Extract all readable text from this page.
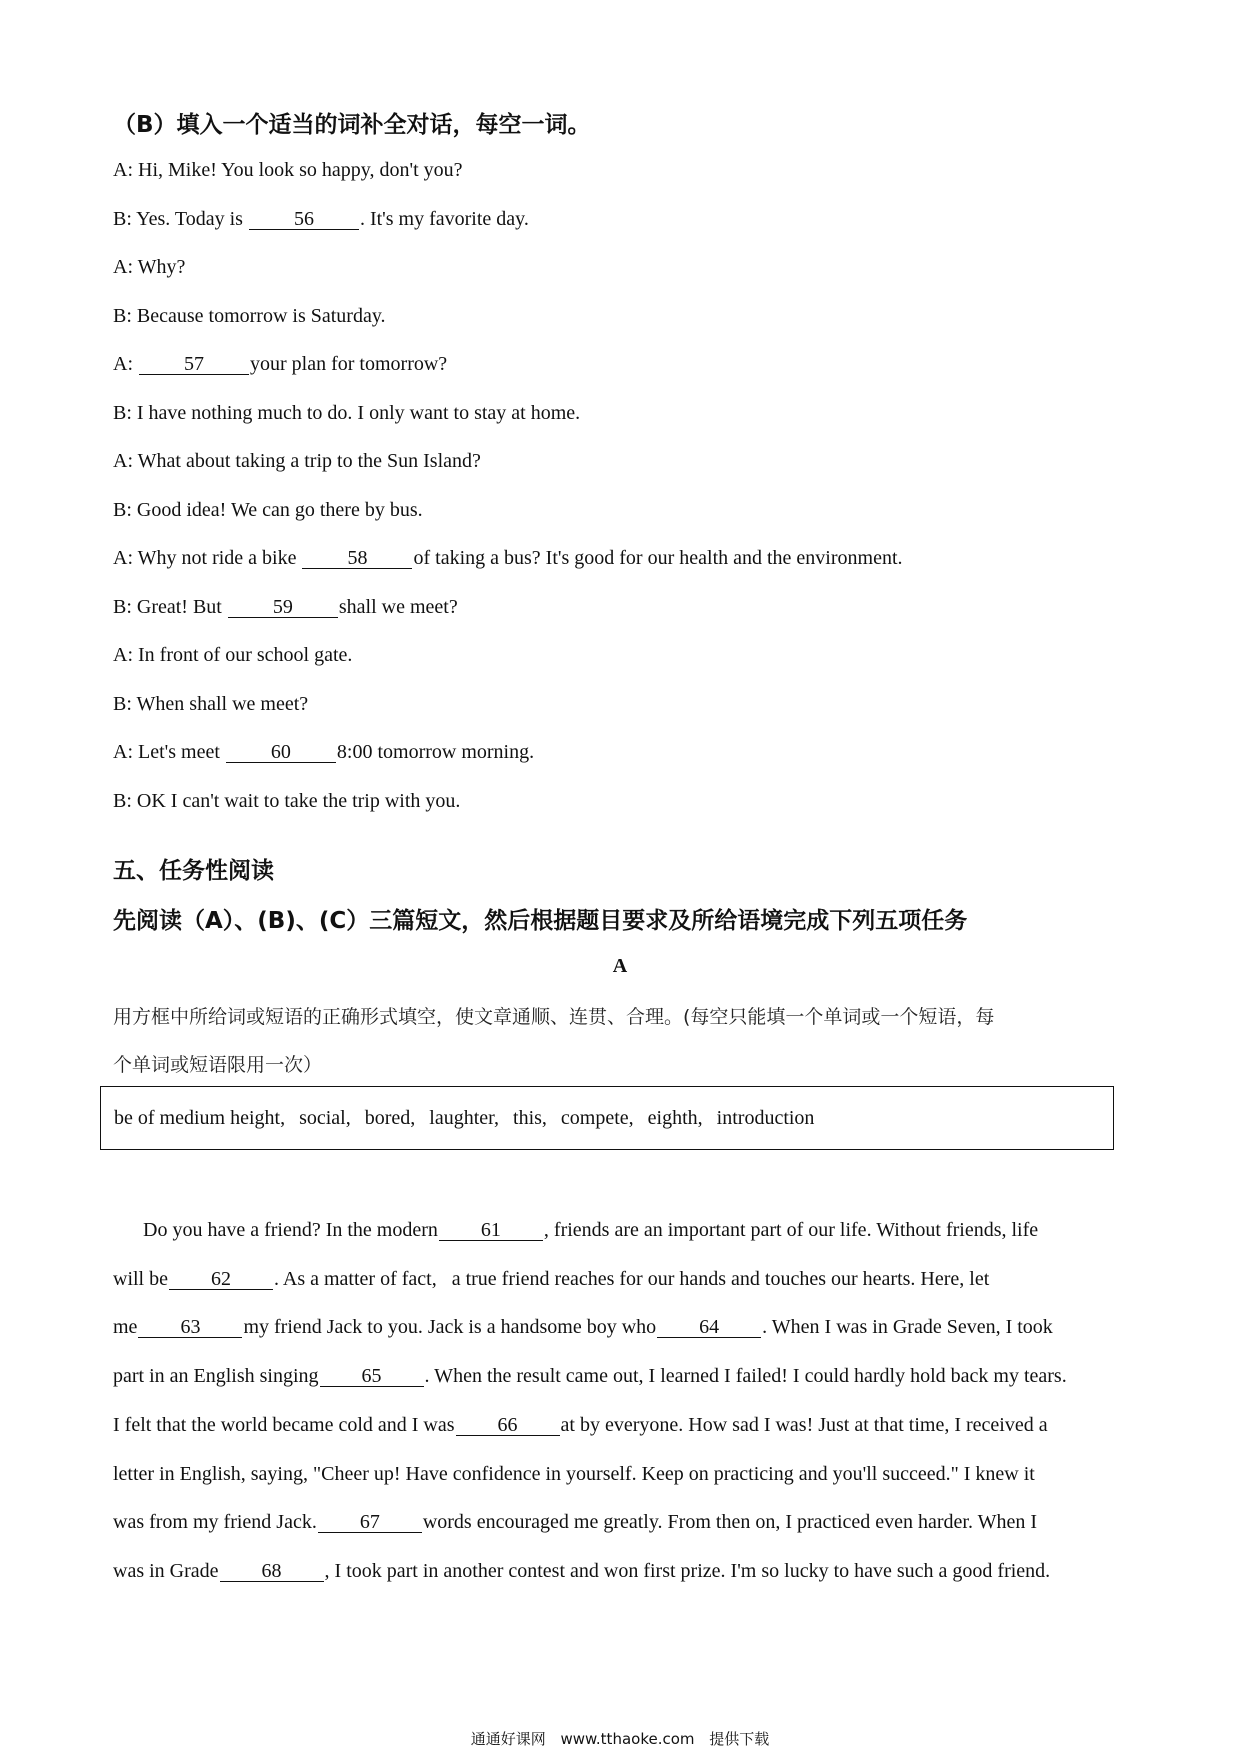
（B）填入一个适当的词补全对话，每空一词。
A: Hi, Mike! You look so happy, don't you?
B: Yes. Today is 56 . It's my favorite day.
A: Why?
B: Because tomorrow is Saturday.
A: 57 your plan for tomorrow?
B: I have nothing much to do. I only want to stay at home.
A: What about taking a trip to the Sun Island?
B: Good idea! We can go there by bus.
A: Why not ride a bike 58 of taking a bus? It's good for our health and the environment.
B: Great! But 59 shall we meet?
A: In front of our school gate.
B: When shall we meet?
A: Let's meet 60 8:00 tomorrow morning.
B: OK I can't wait to take the trip with you.
五、任务性阅读
先阅读（A）、(B)、(C）三篇短文，然后根据题目要求及所给语境完成下列五项任务
A
用方框中所给词或短语的正确形式填空，使文章通顺、连贯、合理。(每空只能填一个单词或一个短语，每
个单词或短语限用一次）
be of medium height, social, bored, laughter, this, compete, eighth, introduction
Do you have a friend? In the modern 61 , friends are an important part of our life. Without friends, life
will be 62 . As a matter of fact,   a true friend reaches for our hands and touches our hearts. Here, let
me 63 my friend Jack to you. Jack is a handsome boy who 64 . When I was in Grade Seven, I took
part in an English singing 65 . When the result came out, I learned I failed! I could hardly hold back my tears.
I felt that the world became cold and I was 66 at by everyone. How sad I was! Just at that time, I received a
letter in English, saying, "Cheer up! Have confidence in yourself. Keep on practicing and you'll succeed." I knew it
was from my friend Jack. 67 words encouraged me greatly. From then on, I practiced even harder. When I
was in Grade 68 , I took part in another contest and won first prize. I'm so lucky to have such a good friend.
通通好课网 www.tthaoke.com 提供下载
